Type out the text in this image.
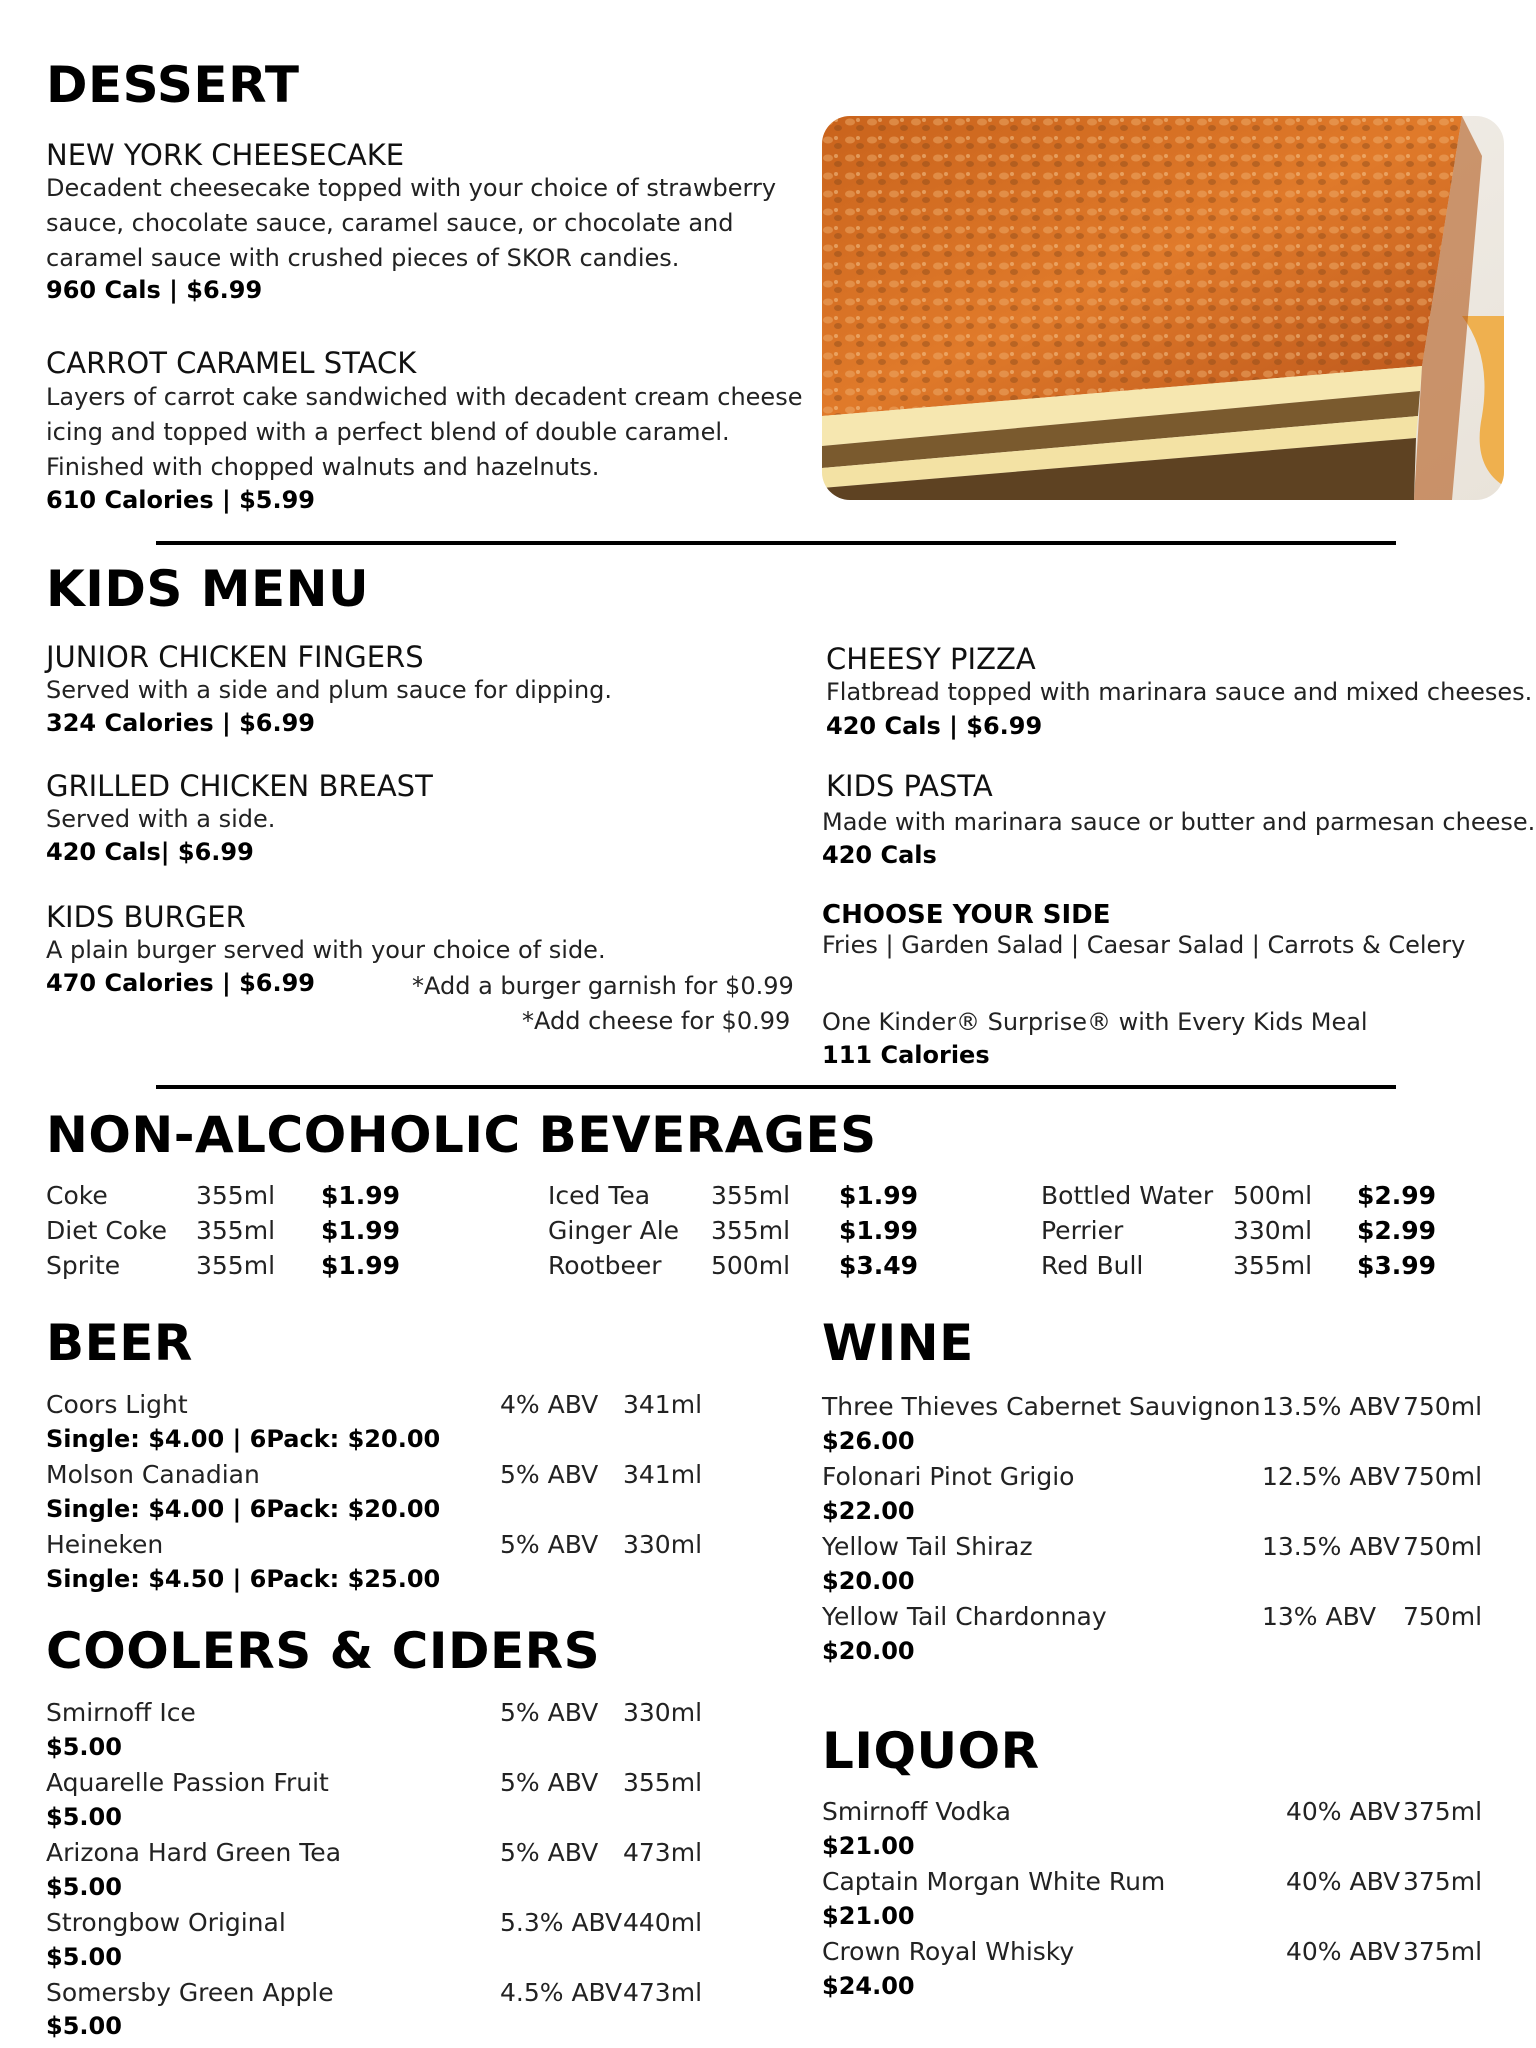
DESSERT
NEW YORK CHEESECAKE
Decadent cheesecake topped with your choice of strawberry
sauce, chocolate sauce, caramel sauce, or chocolate and
caramel sauce with crushed pieces of SKOR candies.
960 Cals | $6.99
CARROT CARAMEL STACK
Layers of carrot cake sandwiched with decadent cream cheese
icing and topped with a perfect blend of double caramel.
Finished with chopped walnuts and hazelnuts.
610 Calories | $5.99
KIDS MENU
JUNIOR CHICKEN FINGERS
Served with a side and plum sauce for dipping.
324 Calories | $6.99
GRILLED CHICKEN BREAST
Served with a side.
420 Cals| $6.99
KIDS BURGER
A plain burger served with your choice of side.
470 Calories | $6.99	*Add a burger garnish for $0.99
*Add cheese for $0.99
CHEESY PIZZA
Flatbread topped with marinara sauce and mixed cheeses.
420 Cals | $6.99
KIDS PASTA
Made with marinara sauce or butter and parmesan cheese.
420 Cals
CHOOSE YOUR SIDE
Fries | Garden Salad | Caesar Salad | Carrots & Celery
One Kinder® Surprise® with Every Kids Meal
111 Calories
NON-ALCOHOLIC BEVERAGES
Coke	355ml $1.99
Diet Coke 355ml $1.99
Sprite	355ml $1.99
Iced Tea 355ml $1.99
Ginger Ale 355ml $1.99
Rootbeer 500ml $3.49
Bottled Water 500ml $2.99
Perrier	330ml $2.99
Red Bull	355ml $3.99
BEER
Coors Light	4% ABV 341ml
Single: $4.00 | 6Pack: $20.00
Molson Canadian	5% ABV 341ml
Single: $4.00 | 6Pack: $20.00
Heineken	5% ABV 330ml
Single: $4.50 | 6Pack: $25.00
COOLERS & CIDERS
Smirnoff Ice	5% ABV 330ml
$5.00
Aquarelle Passion Fruit	5% ABV 355ml
$5.00
Arizona Hard Green Tea	5% ABV 473ml
$5.00
Strongbow Original	5.3% ABV 440ml
$5.00
Somersby Green Apple	4.5% ABV 473ml
$5.00
WINE
Three Thieves Cabernet Sauvignon 13.5% ABV 750ml
$26.00
Folonari Pinot Grigio	12.5% ABV 750ml
$22.00
Yellow Tail Shiraz	13.5% ABV 750ml
$20.00
Yellow Tail Chardonnay	13% ABV 750ml
$20.00
LIQUOR
Smirnoff Vodka	40% ABV 375ml
$21.00
Captain Morgan White Rum	40% ABV 375ml
$21.00
Crown Royal Whisky	40% ABV 375ml
$24.00
